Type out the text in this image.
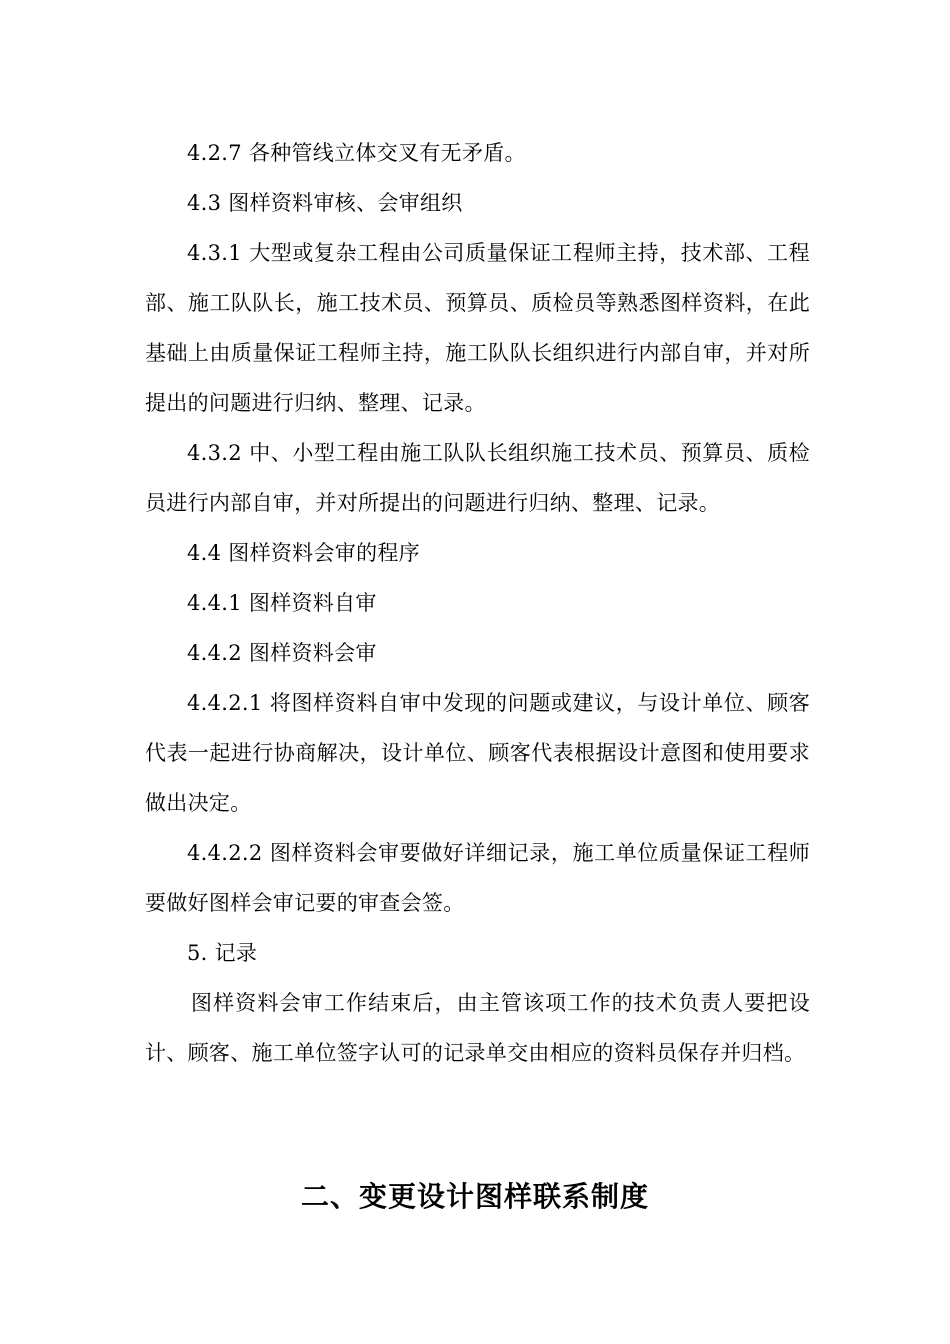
4.2.7 各种管线立体交叉有无矛盾。

4.3 图样资料审核、会审组织

4.3.1 大型或复杂工程由公司质量保证工程师主持，技术部、工程部、施工队队长，施工技术员、预算员、质检员等熟悉图样资料，在此基础上由质量保证工程师主持，施工队队长组织进行内部自审，并对所提出的问题进行归纳、整理、记录。

4.3.2 中、小型工程由施工队队长组织施工技术员、预算员、质检员进行内部自审，并对所提出的问题进行归纳、整理、记录。

4.4 图样资料会审的程序

4.4.1 图样资料自审

4.4.2 图样资料会审

4.4.2.1 将图样资料自审中发现的问题或建议，与设计单位、顾客代表一起进行协商解决，设计单位、顾客代表根据设计意图和使用要求做出决定。

4.4.2.2 图样资料会审要做好详细记录，施工单位质量保证工程师要做好图样会审记要的审查会签。

5. 记录

图样资料会审工作结束后，由主管该项工作的技术负责人要把设计、顾客、施工单位签字认可的记录单交由相应的资料员保存并归档。

二、变更设计图样联系制度
